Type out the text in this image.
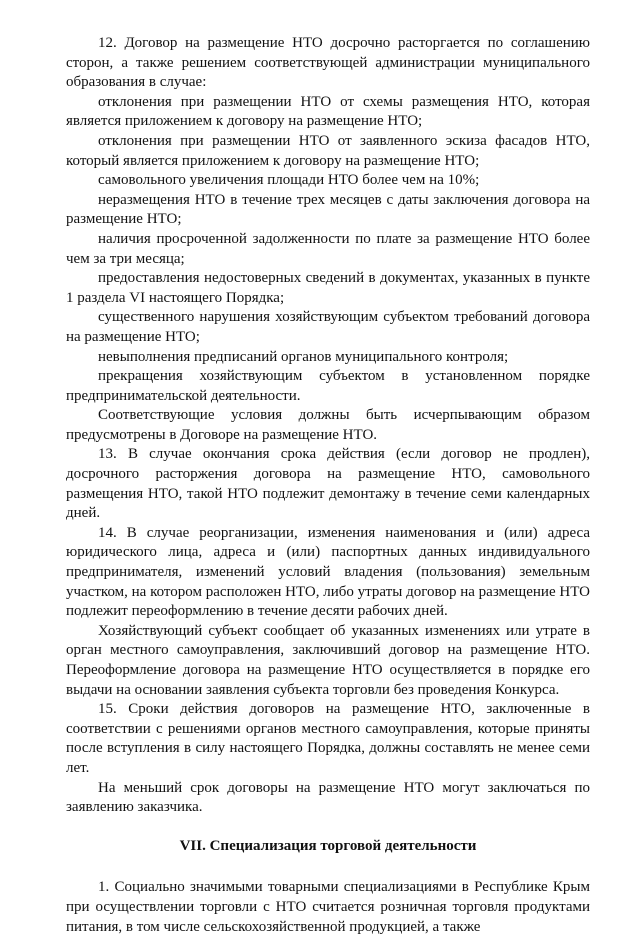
12. Договор на размещение НТО досрочно расторгается по соглашению сторон, а также решением соответствующей администрации муниципального образования в случае:

отклонения при размещении НТО от схемы размещения НТО, которая является приложением к договору на размещение НТО;

отклонения при размещении НТО от заявленного эскиза фасадов НТО, который является приложением к договору на размещение НТО;

самовольного увеличения площади НТО более чем на 10%;

неразмещения НТО в течение трех месяцев с даты заключения договора на размещение НТО;

наличия просроченной задолженности по плате за размещение НТО более чем за три месяца;

предоставления недостоверных сведений в документах, указанных в пункте 1 раздела VI настоящего Порядка;

существенного нарушения хозяйствующим субъектом требований договора на размещение НТО;

невыполнения предписаний органов муниципального контроля;

прекращения хозяйствующим субъектом в установленном порядке предпринимательской деятельности.

Соответствующие условия должны быть исчерпывающим образом предусмотрены в Договоре на размещение НТО.

13. В случае окончания срока действия (если договор не продлен), досрочного расторжения договора на размещение НТО, самовольного размещения НТО, такой НТО подлежит демонтажу в течение семи календарных дней.

14. В случае реорганизации, изменения наименования и (или) адреса юридического лица, адреса и (или) паспортных данных индивидуального предпринимателя, изменений условий владения (пользования) земельным участком, на котором расположен НТО, либо утраты договор на размещение НТО подлежит переоформлению в течение десяти рабочих дней.

Хозяйствующий субъект сообщает об указанных изменениях или утрате в орган местного самоуправления, заключивший договор на размещение НТО. Переоформление договора на размещение НТО осуществляется в порядке его выдачи на основании заявления субъекта торговли без проведения Конкурса.

15. Сроки действия договоров на размещение НТО, заключенные в соответствии с решениями органов местного самоуправления, которые приняты после вступления в силу настоящего Порядка, должны составлять не менее семи лет.

На меньший срок договоры на размещение НТО могут заключаться по заявлению заказчика.

VII. Специализация торговой деятельности

1. Социально значимыми товарными специализациями в Республике Крым при осуществлении торговли с НТО считается розничная торговля продуктами питания, в том числе сельскохозяйственной продукцией, а также
